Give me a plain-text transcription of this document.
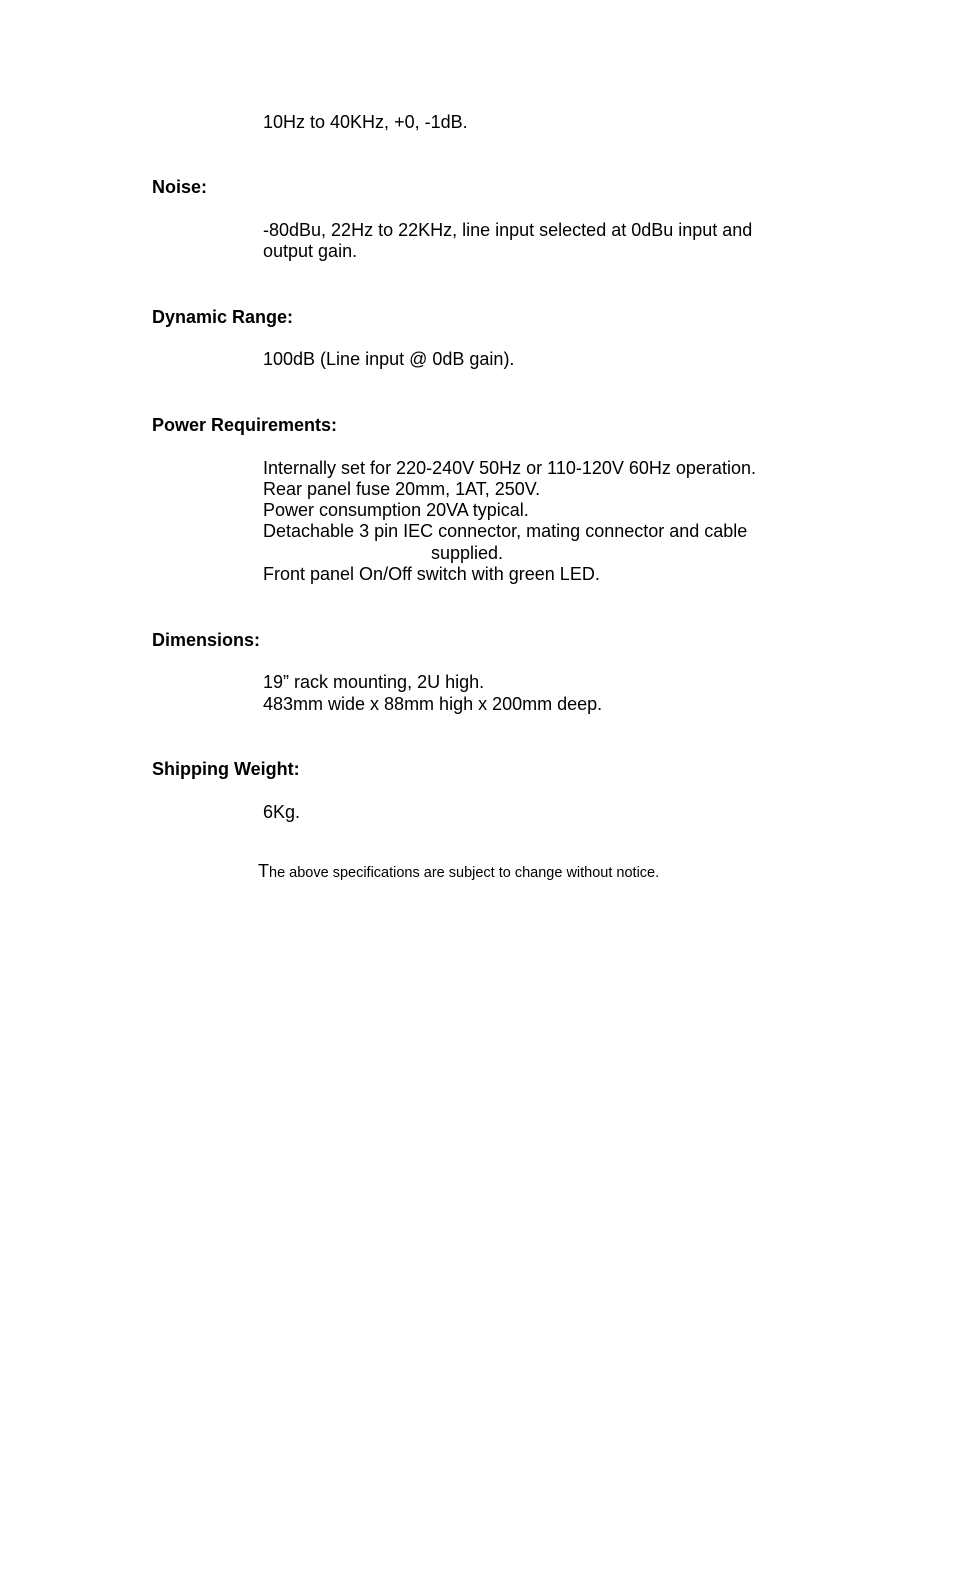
10Hz to 40KHz, +0, -1dB.

Noise:

-80dBu, 22Hz to 22KHz, line input selected at 0dBu input and

output gain.

Dynamic Range:

100dB (Line input @ 0dB gain).

Power Requirements:

Internally set for 220-240V 50Hz or 110-120V 60Hz operation.

Rear panel fuse 20mm, 1AT, 250V.

Power consumption 20VA typical.

Detachable 3 pin IEC connector, mating connector and cable

supplied.

Front panel On/Off switch with green LED.

Dimensions:

19” rack mounting, 2U high.

483mm wide x 88mm high x 200mm deep.

Shipping Weight:

6Kg.

The above specifications are subject to change without notice.
